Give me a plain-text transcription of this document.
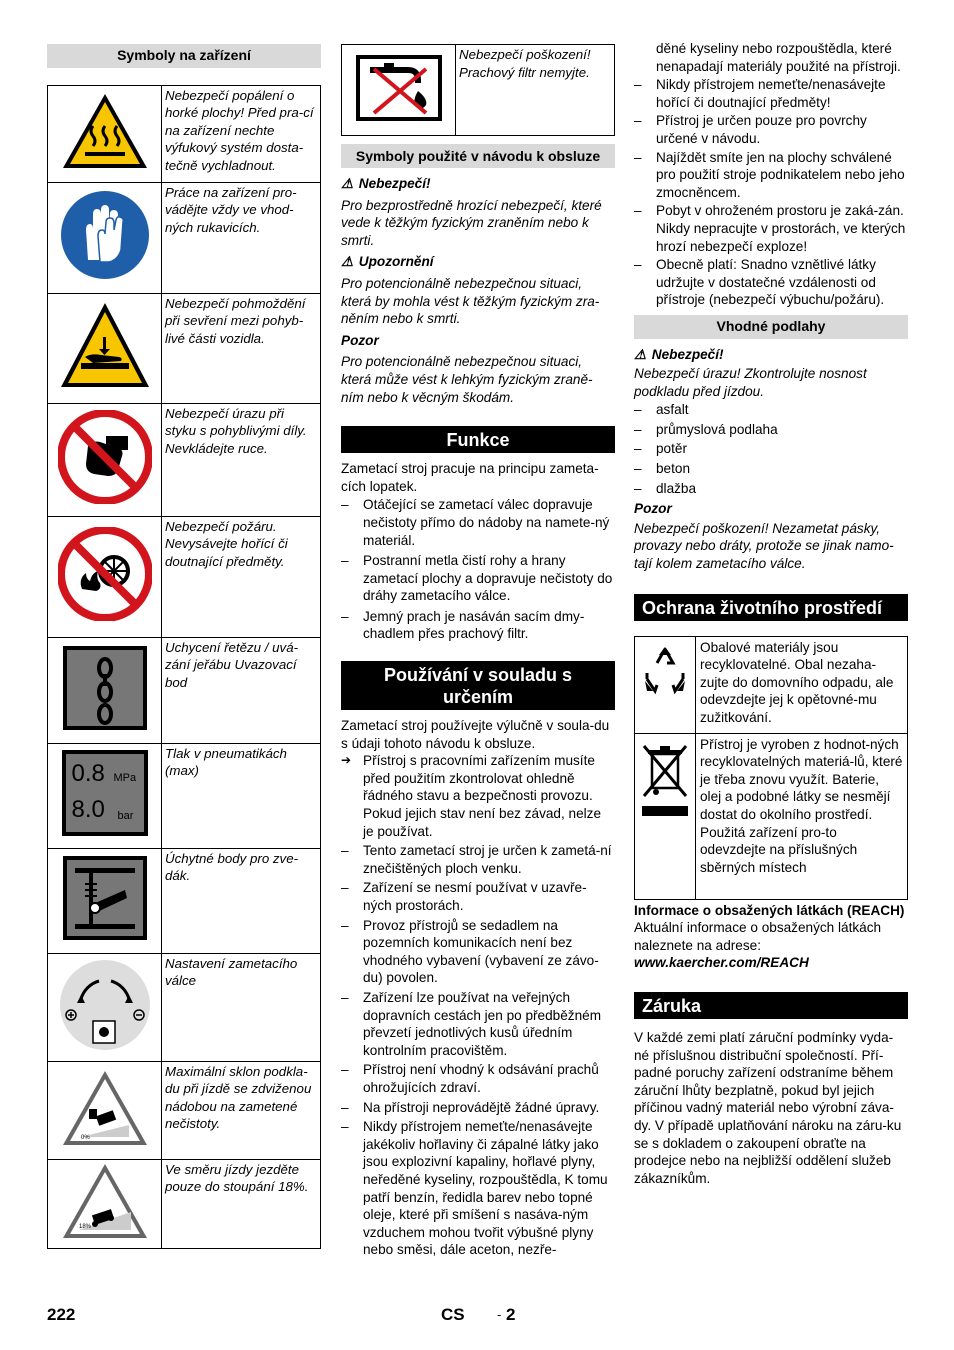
Symboly na zařízení
	Nebezpečí popálení o horké plochy! Před pra-cí na zařízení nechte výfukový systém dosta-tečně vychladnout.
	Práce na zařízení pro-vádějte vždy ve vhod-ných rukavicích.
	Nebezpečí pohmoždění při sevření mezi pohyb-livé části vozidla.
	Nebezpečí úrazu při styku s pohyblivými díly. Nevkládejte ruce.
	Nebezpečí požáru. Nevysávejte hořící či doutnající předměty.
	Uchycení řetězu / uvá-zání jeřábu Uvazovací bod

0.8 MPa
8.0 bar	Tlak v pneumatikách (max)
	Úchytné body pro zve-dák.
	Nastavení zametacího válce

0%	Maximální sklon podkla-du při jízdě se zdviženou nádobou na zametené nečistoty.

18%	Ve směru jízdy jezděte pouze do stoupání 18%.
	Nebezpečí poškození! Prachový filtr nemyjte.
Symboly použité v návodu k obsluze

⚠ Nebezpečí!

Pro bezprostředně hrozící nebezpečí, které vede k těžkým fyzickým zraněním nebo k smrti.

⚠ Upozornění

Pro potencionálně nebezpečnou situaci, která by mohla vést k těžkým fyzickým zra-něním nebo k smrti.

Pozor

Pro potencionálně nebezpečnou situaci, která může vést k lehkým fyzickým zraně-ním nebo k věcným škodám.

Funkce

Zametací stroj pracuje na principu zameta-cích lopatek.

– Otáčející se zametací válec dopravuje nečistoty přímo do nádoby na namete-ný materiál.
– Postranní metla čistí rohy a hrany zametací plochy a dopravuje nečistoty do dráhy zametacího válce.
– Jemný prach je nasáván sacím dmy-chadlem přes prachový filtr.
Používání v souladu s určením

Zametací stroj používejte výlučně v soula-du s údaji tohoto návodu k obsluze.

➔ Přístroj s pracovními zařízením musíte před použitím zkontrolovat ohledně řádného stavu a bezpečnosti provozu. Pokud jejich stav není bez závad, nelze je používat.
– Tento zametací stroj je určen k zametá-ní znečištěných ploch venku.
– Zařízení se nesmí používat v uzavře-ných prostorách.
– Provoz přístrojů se sedadlem na pozemních komunikacích není bez vhodného vybavení (vybavení ze závo-du) povolen.
– Zařízení lze používat na veřejných dopravních cestách jen po předběžném převzetí jednotlivých kusů úředním kontrolním pracovištěm.
– Přístroj není vhodný k odsávání prachů ohrožujících zdraví.
– Na přístroji neprovádějtě žádné úpravy.
– Nikdy přístrojem nemeťte/nenasávejte jakékoliv hořlaviny či zápalné látky jako jsou explozivní kapaliny, hořlavé plyny, neředěné kyseliny, rozpouštědla, K tomu patří benzín, ředidla barev nebo topné oleje, které při smíšení s nasáva-ným vzduchem mohou tvořit výbušné plyny nebo směsi, dále aceton, nezře-

děné kyseliny nebo rozpouštědla, které nenapadají materiály použité na přístroji.

– Nikdy přístrojem nemeťte/nenasávejte hořící či doutnající předměty!
– Přístroj je určen pouze pro povrchy určené v návodu.
– Najíždět smíte jen na plochy schválené pro použití stroje podnikatelem nebo jeho zmocněncem.
– Pobyt v ohroženém prostoru je zaká-zán. Nikdy nepracujte v prostorách, ve kterých hrozí nebezpečí exploze!
– Obecně platí: Snadno vznětlivé látky udržujte v dostatečné vzdálenosti od přístroje (nebezpečí výbuchu/požáru).
Vhodné podlahy

⚠ Nebezpečí!

Nebezpečí úrazu! Zkontrolujte nosnost podkladu před jízdou.

– asfalt
– průmyslová podlaha
– potěr
– beton
– dlažba

Pozor

Nebezpečí poškození! Nezametat pásky, provazy nebo dráty, protože se jinak namo-tají kolem zametacího válce.

Ochrana životního prostředí
	Obalové materiály jsou recyklovatelné. Obal nezaha-zujte do domovního odpadu, ale odevzdejte jej k opětovné-mu zužitkování.
	Přístroj je vyroben z hodnot-ných recyklovatelných materiá-lů, které je třeba znovu využít. Baterie, olej a podobné látky se nesmějí dostat do okolního prostředí. Použitá zařízení pro-to odevzdejte na příslušných sběrných místech

Informace o obsažených látkách (REACH)

Aktuální informace o obsažených látkách naleznete na adrese:

www.kaercher.com/REACH

Záruka

V každé zemi platí záruční podmínky vyda-né příslušnou distribuční společností. Pří-padné poruchy zařízení odstraníme během záruční lhůty bezplatně, pokud byl jejich příčinou vadný materiál nebo výrobní záva-dy. V případě uplatňování nároku na záru-ku se s dokladem o zakoupení obraťte na prodejce nebo na nejbližší oddělení služeb zákazníkům.

222	CS - 2
